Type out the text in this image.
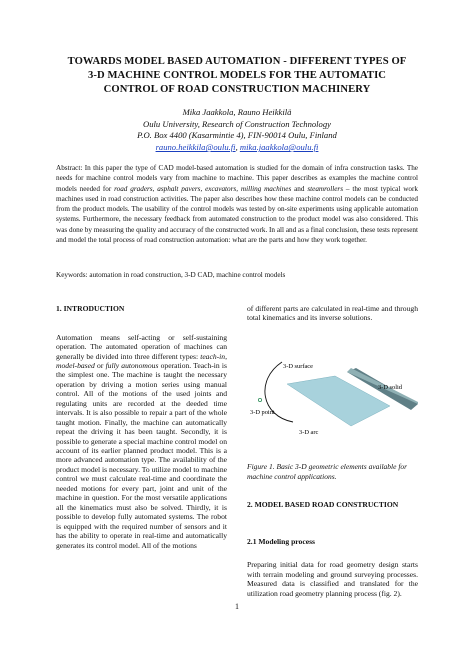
TOWARDS MODEL BASED AUTOMATION - DIFFERENT TYPES OF
3-D MACHINE CONTROL MODELS FOR THE AUTOMATIC
CONTROL OF ROAD CONSTRUCTION MACHINERY
Mika Jaakkola, Rauno Heikkilä
Oulu University, Research of Construction Technology
P.O. Box 4400 (Kasarmintie 4), FIN-90014 Oulu, Finland
rauno.heikkila@oulu.fi, mika.jaakkola@oulu.fi
Abstract: In this paper the type of CAD model-based automation is studied for the domain of infra construction tasks. The needs for machine control models vary from machine to machine. This paper describes as examples the machine control models needed for road graders, asphalt pavers, excavators, milling machines and steamrollers – the most typical work machines used in road construction activities. The paper also describes how these machine control models can be conducted from the product models. The usability of the control models was tested by on-site experiments using applicable automation systems. Furthermore, the necessary feedback from automated construction to the product model was also considered. This was done by measuring the quality and accuracy of the constructed work. In all and as a final conclusion, these tests represent and model the total process of road construction automation: what are the parts and how they work together.
Keywords: automation in road construction, 3-D CAD, machine control models
1. INTRODUCTION

Automation means self-acting or self-sustaining operation. The automated operation of machines can generally be divided into three different types: teach-in, model-based or fully autonomous operation. Teach-in is the simplest one. The machine is taught the necessary operation by driving a motion series using manual control. All of the motions of the used joints and regulating units are recorded at the deeded time intervals. It is also possible to repair a part of the whole taught motion. Finally, the machine can automatically repeat the driving it has been taught. Secondly, it is possible to generate a special machine control model on account of its earlier planned product model. This is a more advanced automation type. The availability of the product model is necessary. To utilize model to machine control we must calculate real-time and coordinate the needed motions for every part, joint and unit of the machine in question. For the most versatile applications all the kinematics must also be solved. Thirdly, it is possible to develop fully automated systems. The robot is equipped with the required number of sensors and it has the ability to operate in real-time and automatically generates its control model. All of the motions

of different parts are calculated in real-time and through total kinematics and its inverse solutions.

3-D surface
3-D solid
3-D point
3-D arc
Figure 1. Basic 3-D geometric elements available for machine control applications.
2. MODEL BASED ROAD CONSTRUCTION
2.1 Modeling process
Preparing initial data for road geometry design starts with terrain modeling and ground surveying processes. Measured data is classified and translated for the utilization road geometry planning process (fig. 2).
1
